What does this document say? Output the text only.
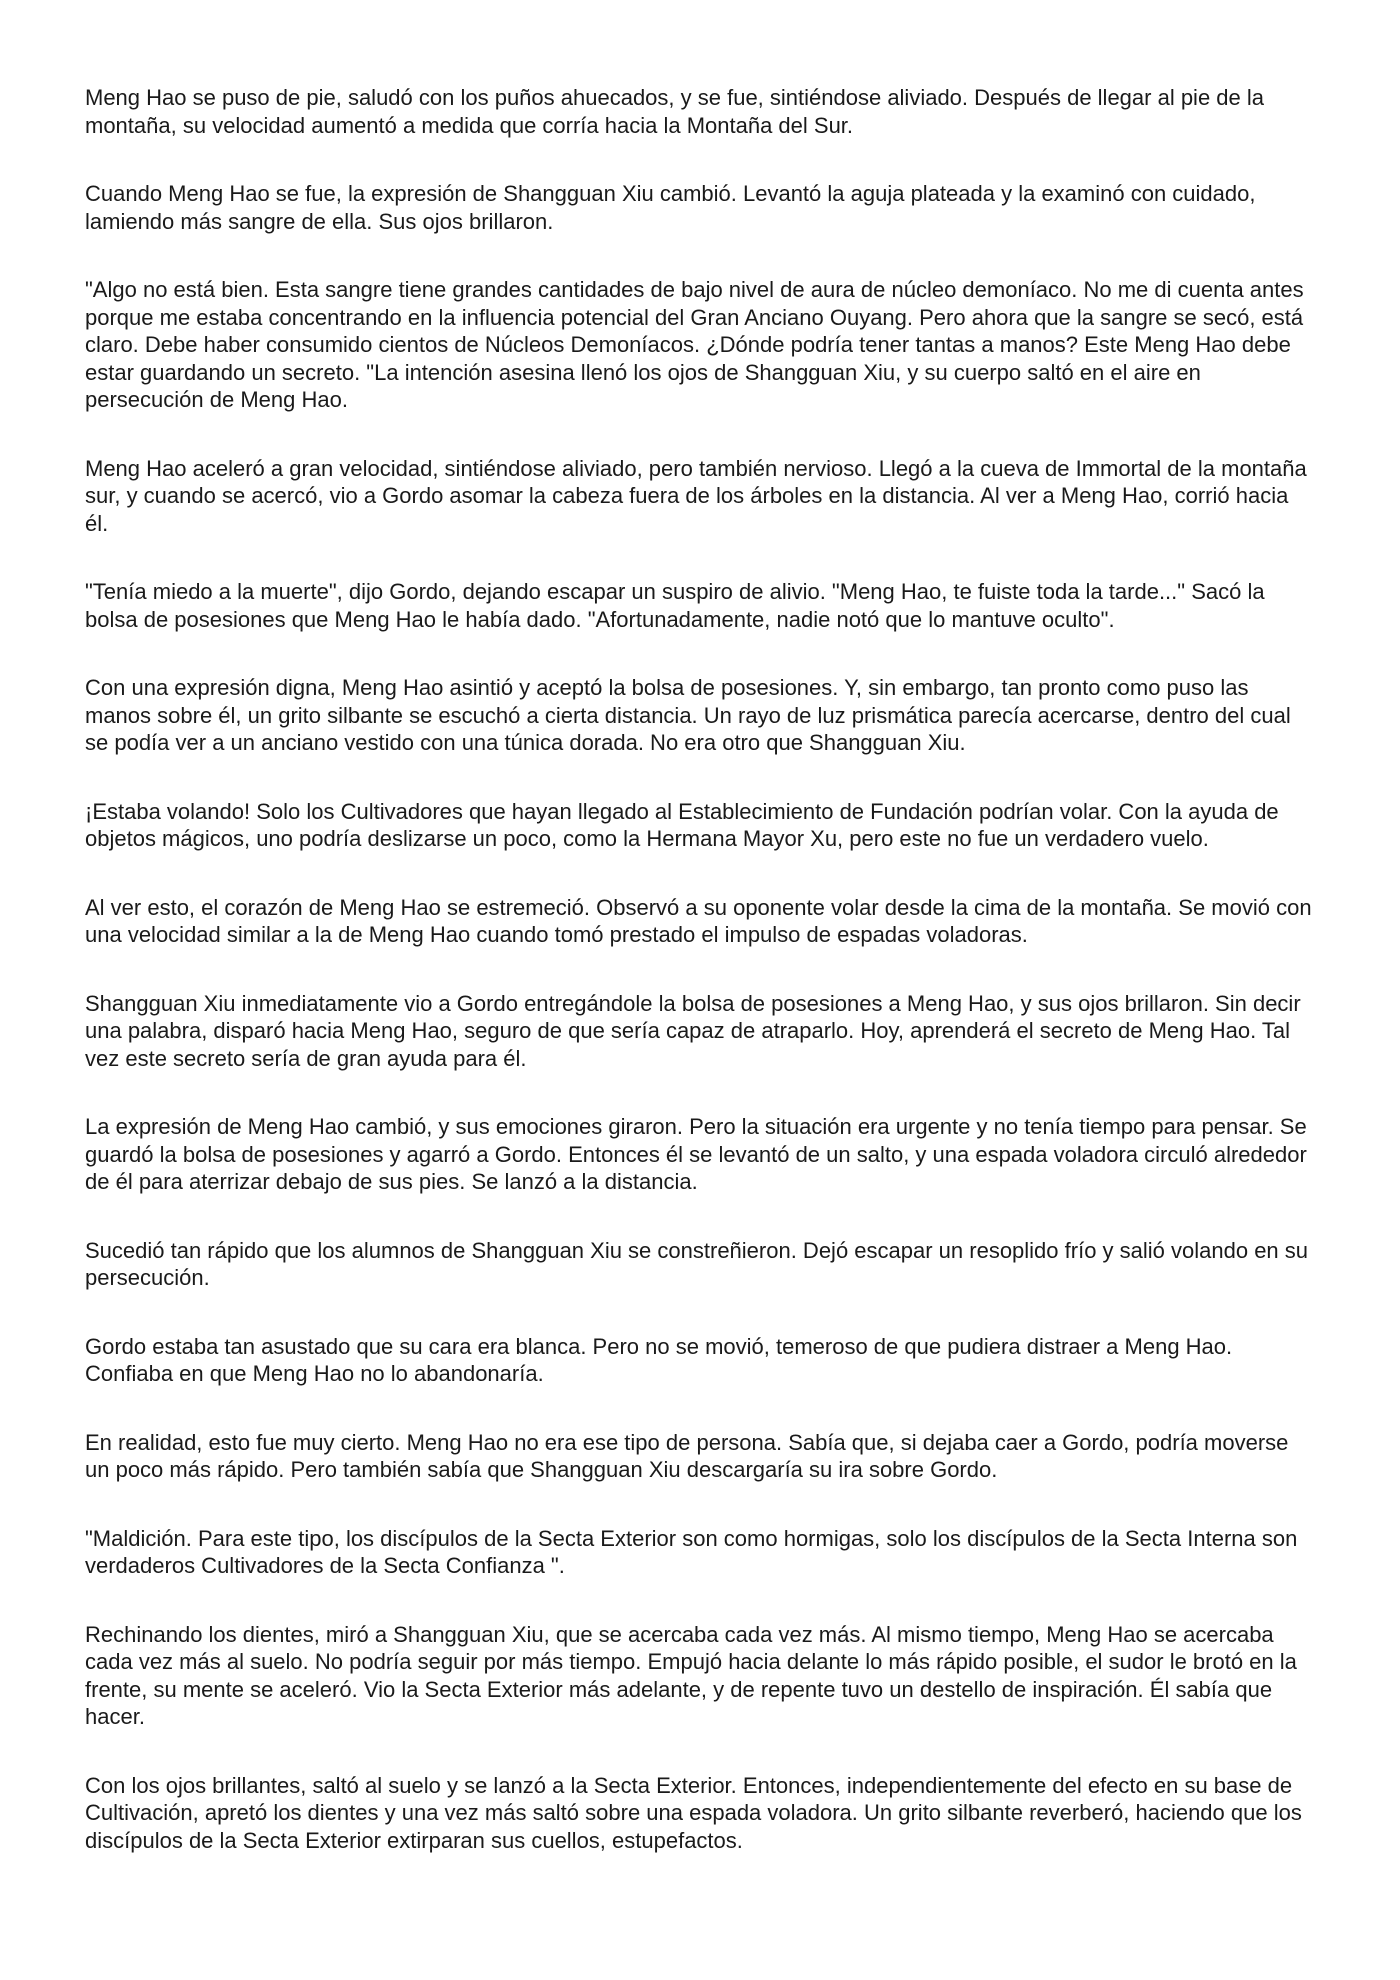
Meng Hao se puso de pie, saludó con los puños ahuecados, y se fue, sintiéndose aliviado. Después de llegar al pie de la montaña, su velocidad aumentó a medida que corría hacia la Montaña del Sur.

Cuando Meng Hao se fue, la expresión de Shangguan Xiu cambió. Levantó la aguja plateada y la examinó con cuidado, lamiendo más sangre de ella. Sus ojos brillaron.

"Algo no está bien. Esta sangre tiene grandes cantidades de bajo nivel de aura de núcleo demoníaco. No me di cuenta antes porque me estaba concentrando en la influencia potencial del Gran Anciano Ouyang. Pero ahora que la sangre se secó, está claro. Debe haber consumido cientos de Núcleos Demoníacos. ¿Dónde podría tener tantas a manos? Este Meng Hao debe estar guardando un secreto. "La intención asesina llenó los ojos de Shangguan Xiu, y su cuerpo saltó en el aire en persecución de Meng Hao.

Meng Hao aceleró a gran velocidad, sintiéndose aliviado, pero también nervioso. Llegó a la cueva de Immortal de la montaña sur, y cuando se acercó, vio a Gordo asomar la cabeza fuera de los árboles en la distancia. Al ver a Meng Hao, corrió hacia él.

"Tenía miedo a la muerte", dijo Gordo, dejando escapar un suspiro de alivio. "Meng Hao, te fuiste toda la tarde..." Sacó la bolsa de posesiones que Meng Hao le había dado. "Afortunadamente, nadie notó que lo mantuve oculto".

Con una expresión digna, Meng Hao asintió y aceptó la bolsa de posesiones. Y, sin embargo, tan pronto como puso las manos sobre él, un grito silbante se escuchó a cierta distancia. Un rayo de luz prismática parecía acercarse, dentro del cual se podía ver a un anciano vestido con una túnica dorada. No era otro que Shangguan Xiu.

¡Estaba volando! Solo los Cultivadores que hayan llegado al Establecimiento de Fundación podrían volar. Con la ayuda de objetos mágicos, uno podría deslizarse un poco, como la Hermana Mayor Xu, pero este no fue un verdadero vuelo.

Al ver esto, el corazón de Meng Hao se estremeció. Observó a su oponente volar desde la cima de la montaña. Se movió con una velocidad similar a la de Meng Hao cuando tomó prestado el impulso de espadas voladoras.

Shangguan Xiu inmediatamente vio a Gordo entregándole la bolsa de posesiones a Meng Hao, y sus ojos brillaron. Sin decir una palabra, disparó hacia Meng Hao, seguro de que sería capaz de atraparlo. Hoy, aprenderá el secreto de Meng Hao. Tal vez este secreto sería de gran ayuda para él.

La expresión de Meng Hao cambió, y sus emociones giraron. Pero la situación era urgente y no tenía tiempo para pensar. Se guardó la bolsa de posesiones y agarró a Gordo. Entonces él se levantó de un salto, y una espada voladora circuló alrededor de él para aterrizar debajo de sus pies. Se lanzó a la distancia.

Sucedió tan rápido que los alumnos de Shangguan Xiu se constreñieron. Dejó escapar un resoplido frío y salió volando en su persecución.

Gordo estaba tan asustado que su cara era blanca. Pero no se movió, temeroso de que pudiera distraer a Meng Hao. Confiaba en que Meng Hao no lo abandonaría.

En realidad, esto fue muy cierto. Meng Hao no era ese tipo de persona. Sabía que, si dejaba caer a Gordo, podría moverse un poco más rápido. Pero también sabía que Shangguan Xiu descargaría su ira sobre Gordo.

"Maldición. Para este tipo, los discípulos de la Secta Exterior son como hormigas, solo los discípulos de la Secta Interna son verdaderos Cultivadores de la Secta Confianza ".

Rechinando los dientes, miró a Shangguan Xiu, que se acercaba cada vez más. Al mismo tiempo, Meng Hao se acercaba cada vez más al suelo. No podría seguir por más tiempo. Empujó hacia delante lo más rápido posible, el sudor le brotó en la frente, su mente se aceleró. Vio la Secta Exterior más adelante, y de repente tuvo un destello de inspiración. Él sabía que hacer.

Con los ojos brillantes, saltó al suelo y se lanzó a la Secta Exterior. Entonces, independientemente del efecto en su base de Cultivación, apretó los dientes y una vez más saltó sobre una espada voladora. Un grito silbante reverberó, haciendo que los discípulos de la Secta Exterior extirparan sus cuellos, estupefactos.
